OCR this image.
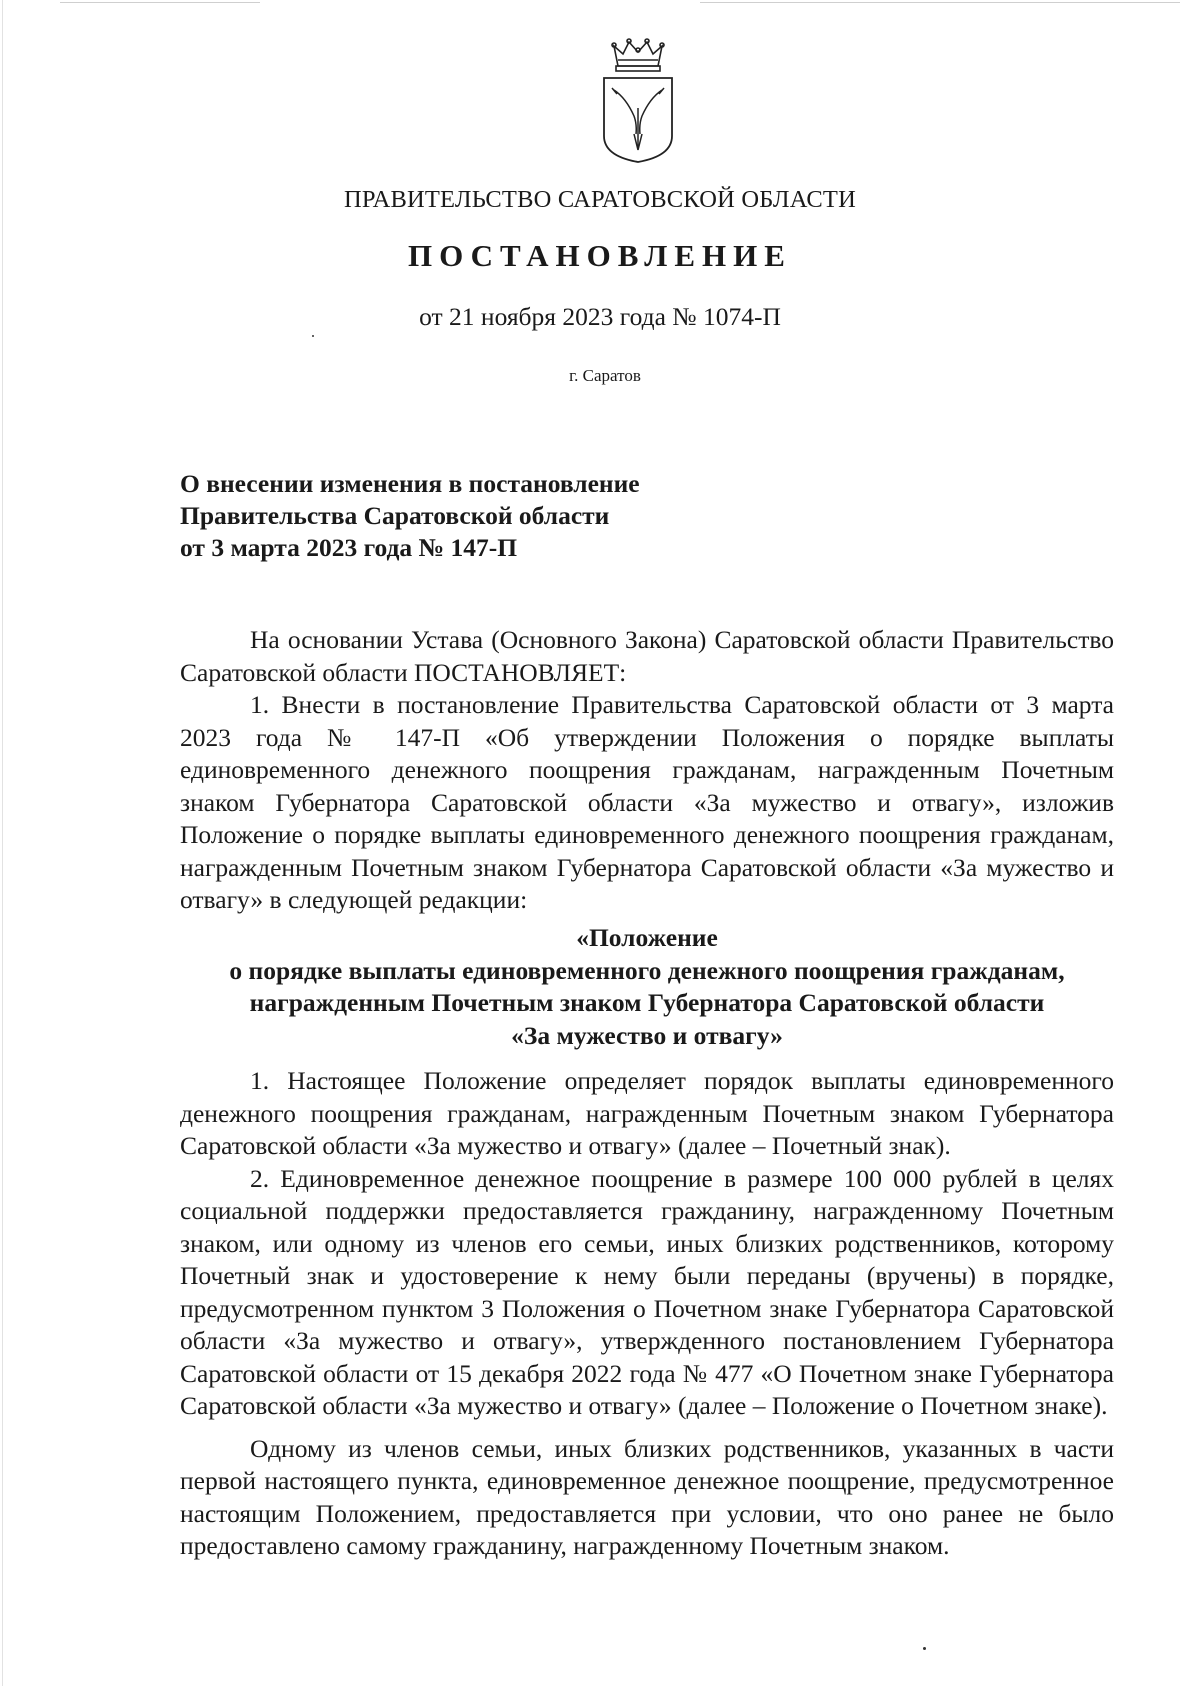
ПРАВИТЕЛЬСТВО САРАТОВСКОЙ ОБЛАСТИ
ПОСТАНОВЛЕНИЕ
от 21 ноября 2023 года № 1074-П
г. Саратов
О внесении изменения в постановление
Правительства Саратовской области
от 3 марта 2023 года № 147-П

На основании Устава (Основного Закона) Саратовской области Правительство Саратовской области ПОСТАНОВЛЯЕТ:

1. Внести в постановление Правительства Саратовской области от 3 марта 2023 года № 147-П «Об утверждении Положения о порядке выплаты единовременного денежного поощрения гражданам, награжденным Почетным знаком Губернатора Саратовской области «За мужество и отвагу», изложив Положение о порядке выплаты единовременного денежного поощрения гражданам, награжденным Почетным знаком Губернатора Саратовской области «За мужество и отвагу» в следующей редакции:

«Положение
о порядке выплаты единовременного денежного поощрения гражданам,
награжденным Почетным знаком Губернатора Саратовской области
«За мужество и отвагу»

1. Настоящее Положение определяет порядок выплаты единовременного денежного поощрения гражданам, награжденным Почетным знаком Губернатора Саратовской области «За мужество и отвагу» (далее – Почетный знак).

2. Единовременное денежное поощрение в размере 100 000 рублей в целях социальной поддержки предоставляется гражданину, награжденному Почетным знаком, или одному из членов его семьи, иных близких родственников, которому Почетный знак и удостоверение к нему были переданы (вручены) в порядке, предусмотренном пунктом 3 Положения о Почетном знаке Губернатора Саратовской области «За мужество и отвагу», утвержденного постановлением Губернатора Саратовской области от 15 декабря 2022 года № 477 «О Почетном знаке Губернатора Саратовской области «За мужество и отвагу» (далее – Положение о Почетном знаке).

Одному из членов семьи, иных близких родственников, указанных в части первой настоящего пункта, единовременное денежное поощрение, предусмотренное настоящим Положением, предоставляется при условии, что оно ранее не было предоставлено самому гражданину, награжденному Почетным знаком.
